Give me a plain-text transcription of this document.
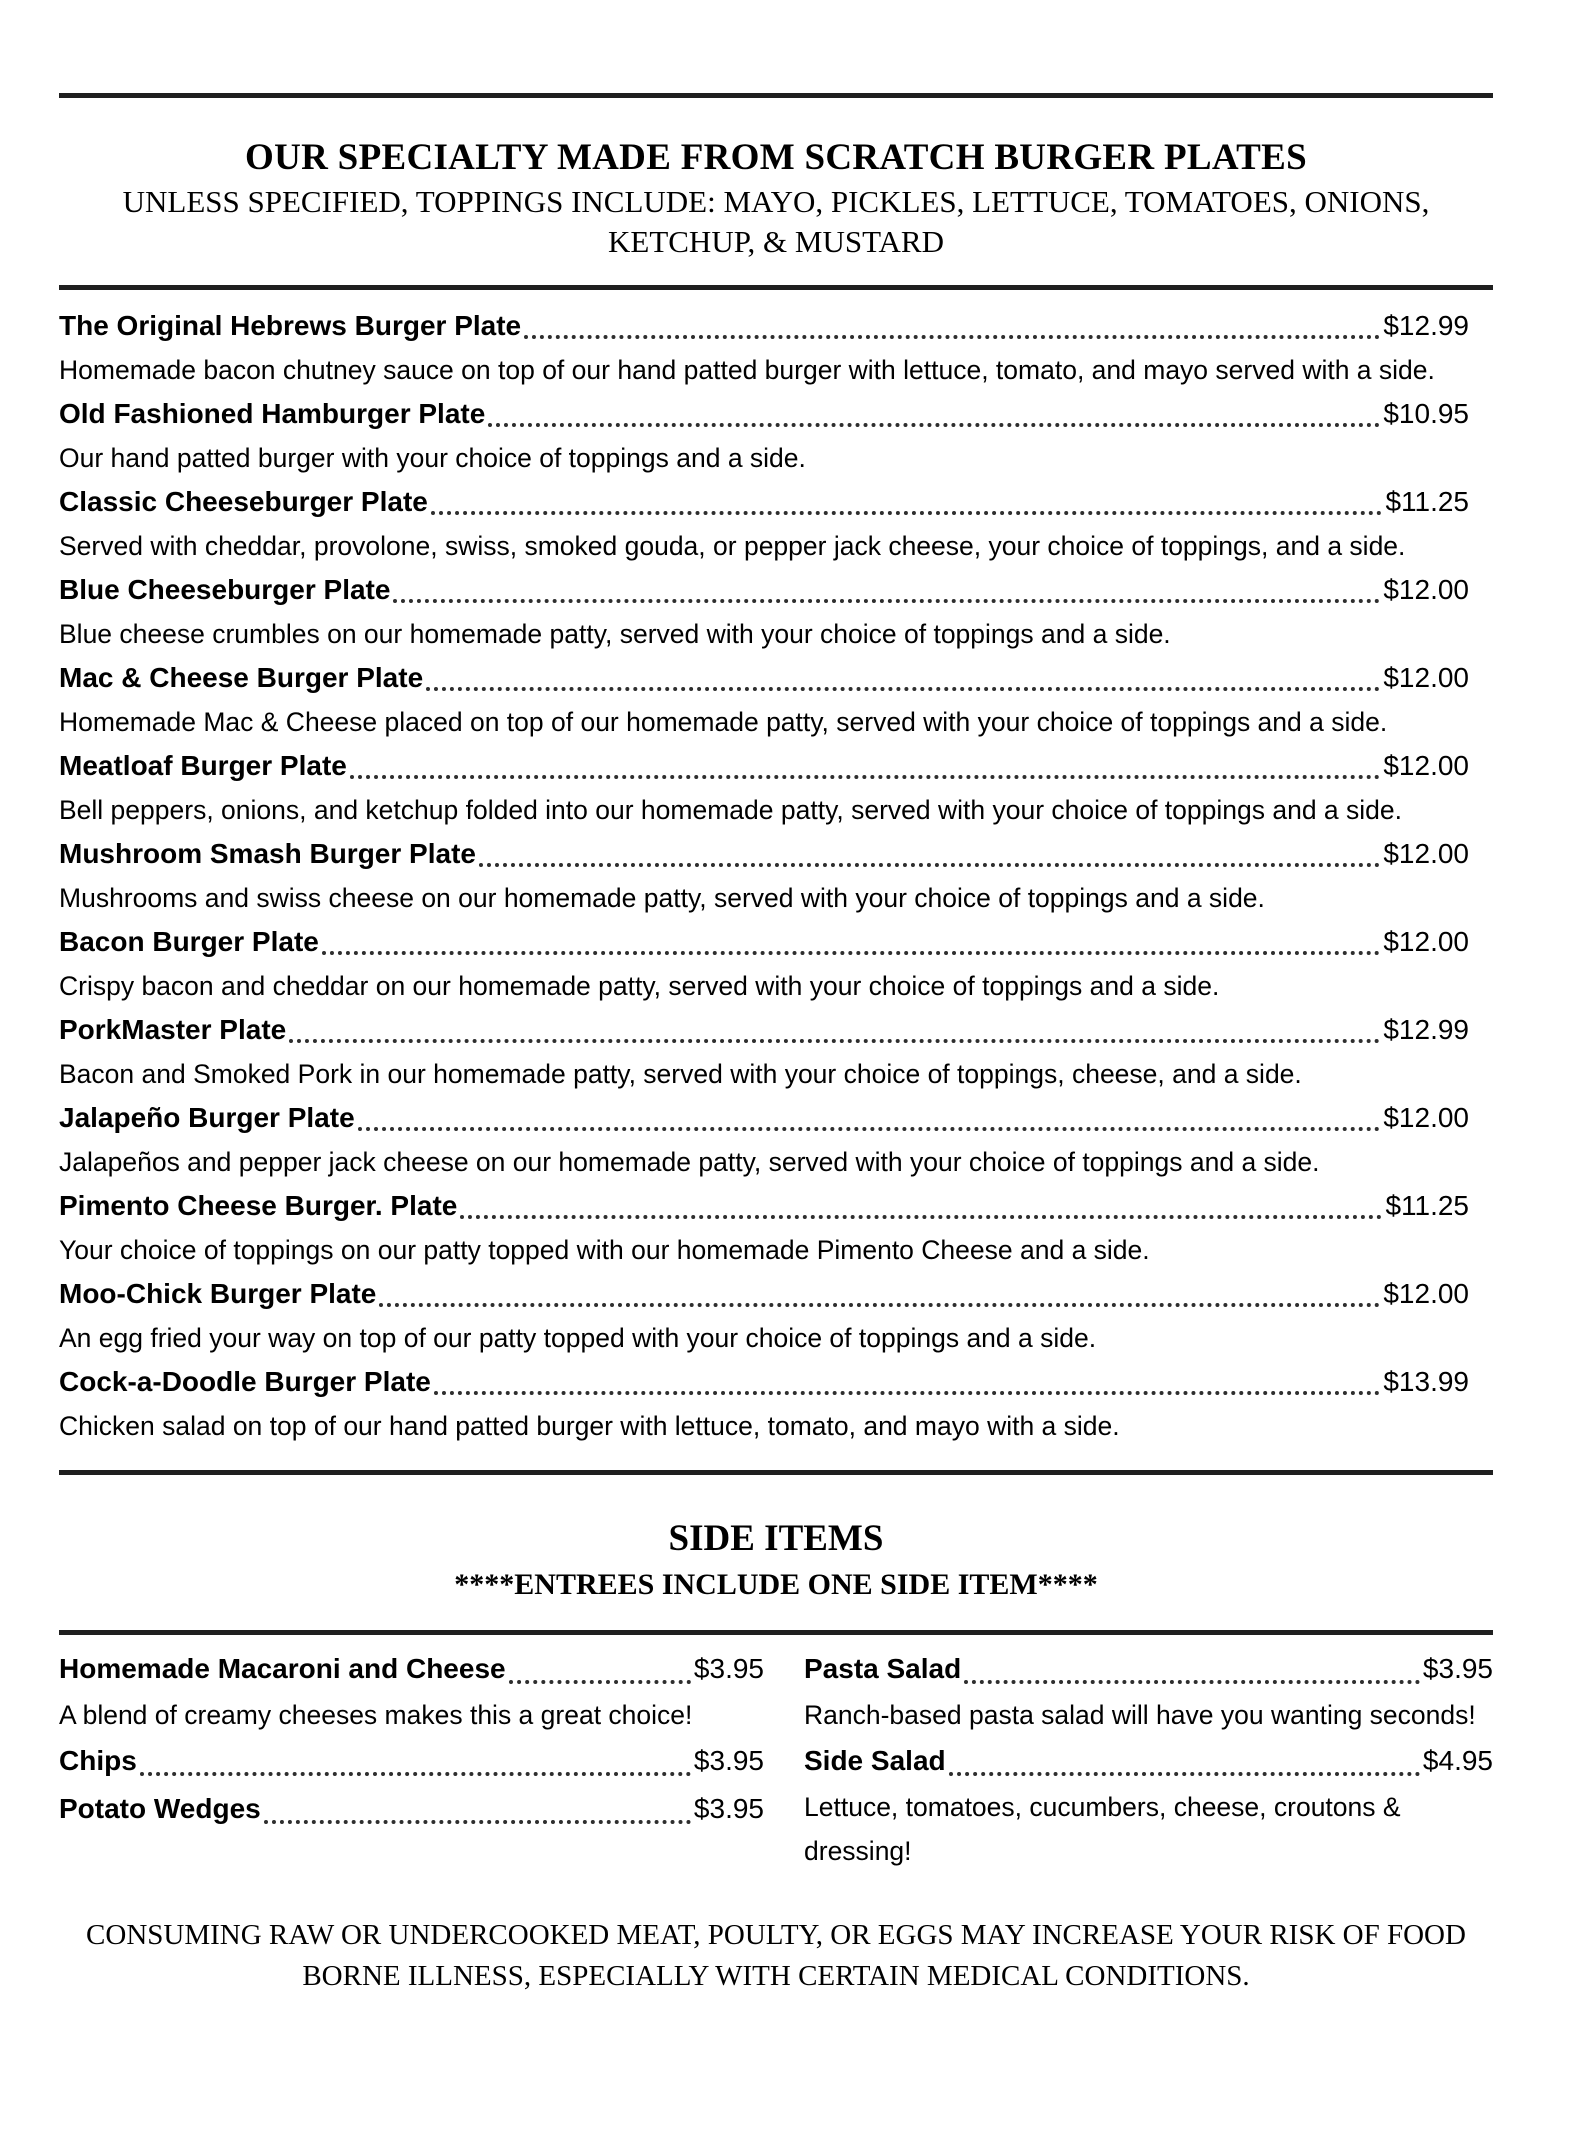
OUR SPECIALTY MADE FROM SCRATCH BURGER PLATES
UNLESS SPECIFIED, TOPPINGS INCLUDE: MAYO, PICKLES, LETTUCE, TOMATOES, ONIONS,
KETCHUP, & MUSTARD
The Original Hebrews Burger Plate	$12.99
Homemade bacon chutney sauce on top of our hand patted burger with lettuce, tomato, and mayo served with a side.
Old Fashioned Hamburger Plate	$10.95
Our hand patted burger with your choice of toppings and a side.
Classic Cheeseburger Plate	$11.25
Served with cheddar, provolone, swiss, smoked gouda, or pepper jack cheese, your choice of toppings, and a side.
Blue Cheeseburger Plate	$12.00
Blue cheese crumbles on our homemade patty, served with your choice of toppings and a side.
Mac & Cheese Burger Plate	$12.00
Homemade Mac & Cheese placed on top of our homemade patty, served with your choice of toppings and a side.
Meatloaf Burger Plate	$12.00
Bell peppers, onions, and ketchup folded into our homemade patty, served with your choice of toppings and a side.
Mushroom Smash Burger Plate	$12.00
Mushrooms and swiss cheese on our homemade patty, served with your choice of toppings and a side.
Bacon Burger Plate	$12.00
Crispy bacon and cheddar on our homemade patty, served with your choice of toppings and a side.
PorkMaster Plate	$12.99
Bacon and Smoked Pork in our homemade patty, served with your choice of toppings, cheese, and a side.
Jalapeño Burger Plate	$12.00
Jalapeños and pepper jack cheese on our homemade patty, served with your choice of toppings and a side.
Pimento Cheese Burger. Plate	$11.25
Your choice of toppings on our patty topped with our homemade Pimento Cheese and a side.
Moo-Chick Burger Plate	$12.00
An egg fried your way on top of our patty topped with your choice of toppings and a side.
Cock-a-Doodle Burger Plate	$13.99
Chicken salad on top of our hand patted burger with lettuce, tomato, and mayo with a side.
SIDE ITEMS
****ENTREES INCLUDE ONE SIDE ITEM****
Homemade Macaroni and Cheese	$3.95
A blend of creamy cheeses makes this a great choice!
Chips	$3.95
Potato Wedges	$3.95
Pasta Salad	$3.95
Ranch-based pasta salad will have you wanting seconds!
Side Salad	$4.95
Lettuce, tomatoes, cucumbers, cheese, croutons & dressing!
CONSUMING RAW OR UNDERCOOKED MEAT, POULTY, OR EGGS MAY INCREASE YOUR RISK OF FOOD
BORNE ILLNESS, ESPECIALLY WITH CERTAIN MEDICAL CONDITIONS.
